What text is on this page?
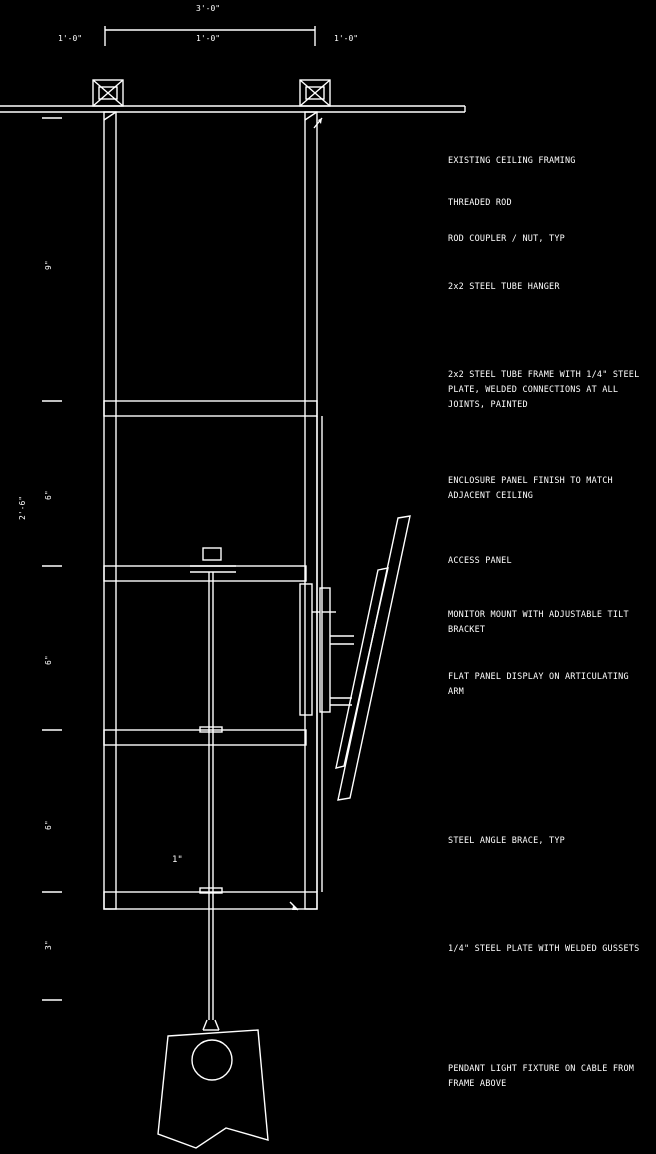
1"
3'-0"
1'-0"	1'-0"	1'-0"
2'-6"
9"
6"
6"
6"
3"
EXISTING CEILING FRAMING
THREADED ROD
ROD COUPLER / NUT, TYP
2x2 STEEL TUBE HANGER
2x2 STEEL TUBE FRAME WITH 1/4" STEEL PLATE, WELDED CONNECTIONS AT ALL JOINTS, PAINTED
ENCLOSURE PANEL FINISH TO MATCH ADJACENT CEILING
ACCESS PANEL
MONITOR MOUNT WITH ADJUSTABLE TILT BRACKET
FLAT PANEL DISPLAY ON ARTICULATING ARM
STEEL ANGLE BRACE, TYP
1/4" STEEL PLATE WITH WELDED GUSSETS
PENDANT LIGHT FIXTURE ON CABLE FROM FRAME ABOVE
